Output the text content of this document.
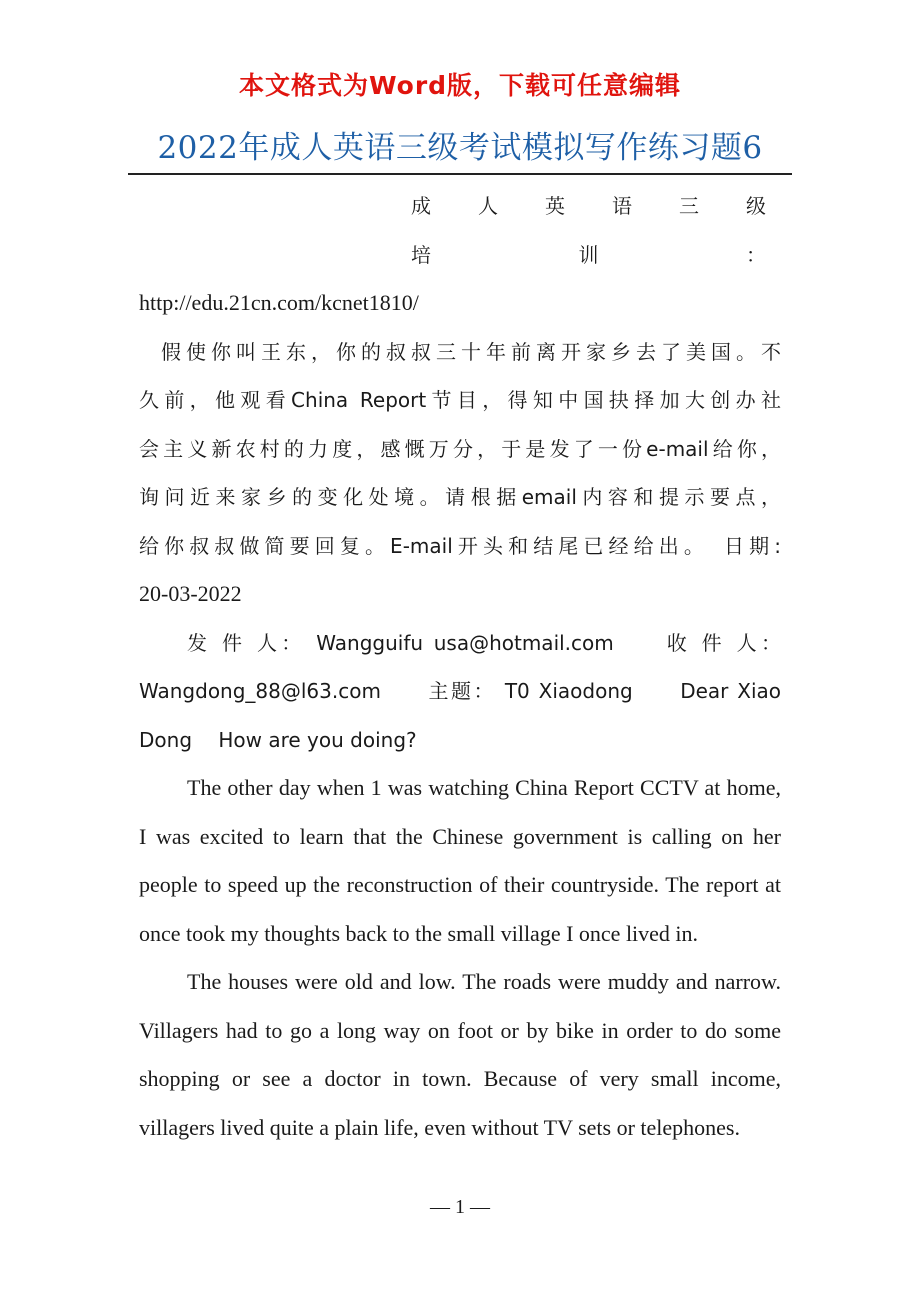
本文格式为Word版，下载可任意编辑
2022年成人英语三级考试模拟写作练习题6

成 人 英 语 三 级 培 训 ：

http://edu.21cn.com/kcnet1810/

假使你叫王东，你的叔叔三十年前离开家乡去了美国。不

久前，他观看China Report节目，得知中国抉择加大创办社

会主义新农村的力度，感慨万分，于是发了一份e-mail给你，

询问近来家乡的变化处境。请根据email内容和提示要点，

给你叔叔做简要回复。E-mail开头和结尾已经给出。　日期:

20-03-2022

发 件 人： Wangguifu usa@hotmail.com　　收 件 人：

Wangdong_88@l63.com　　主题： T0 Xiaodong　　Dear Xiao

Dong　 How are you doing?

The other day when 1 was watching China Report CCTV at home, I was excited to learn that the Chinese government is calling on her people to speed up the reconstruction of their countryside. The report at once took my thoughts back to the small village I once lived in.

The houses were old and low. The roads were muddy and narrow. Villagers had to go a long way on foot or by bike in order to do some shopping or see a doctor in town. Because of very small income, villagers lived quite a plain life, even without TV sets or telephones.

— 1 —
